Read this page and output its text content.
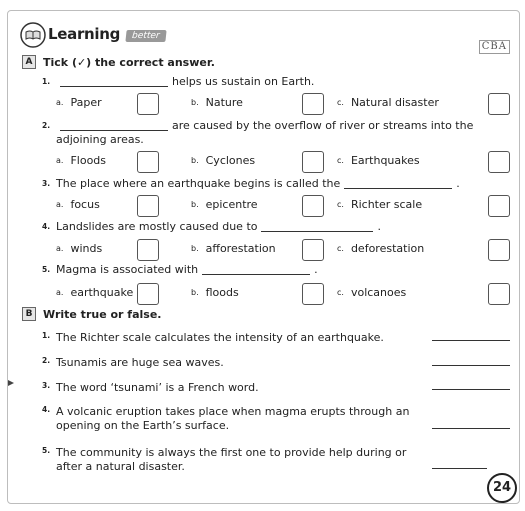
Learning	better
CBA
A Tick (✓) the correct answer.
1.	helps us sustain on Earth.
a. Paper	b. Nature	c. Natural disaster
2.	are caused by the overflow of river or streams into the
adjoining areas.
a. Floods	b. Cyclones	c. Earthquakes
3. The place where an earthquake begins is called the	.
a. focus	b. epicentre	c. Richter scale
4. Landslides are mostly caused due to	.
a. winds	b. afforestation	c. deforestation
5. Magma is associated with	.
a. earthquake	b. floods	c. volcanoes
B Write true or false.
1. The Richter scale calculates the intensity of an earthquake.
2. Tsunamis are huge sea waves.
3. The word ‘tsunami’ is a French word.
4. A volcanic eruption takes place when magma erupts through an
opening on the Earth’s surface.
5. The community is always the first one to provide help during or
after a natural disaster.
24
